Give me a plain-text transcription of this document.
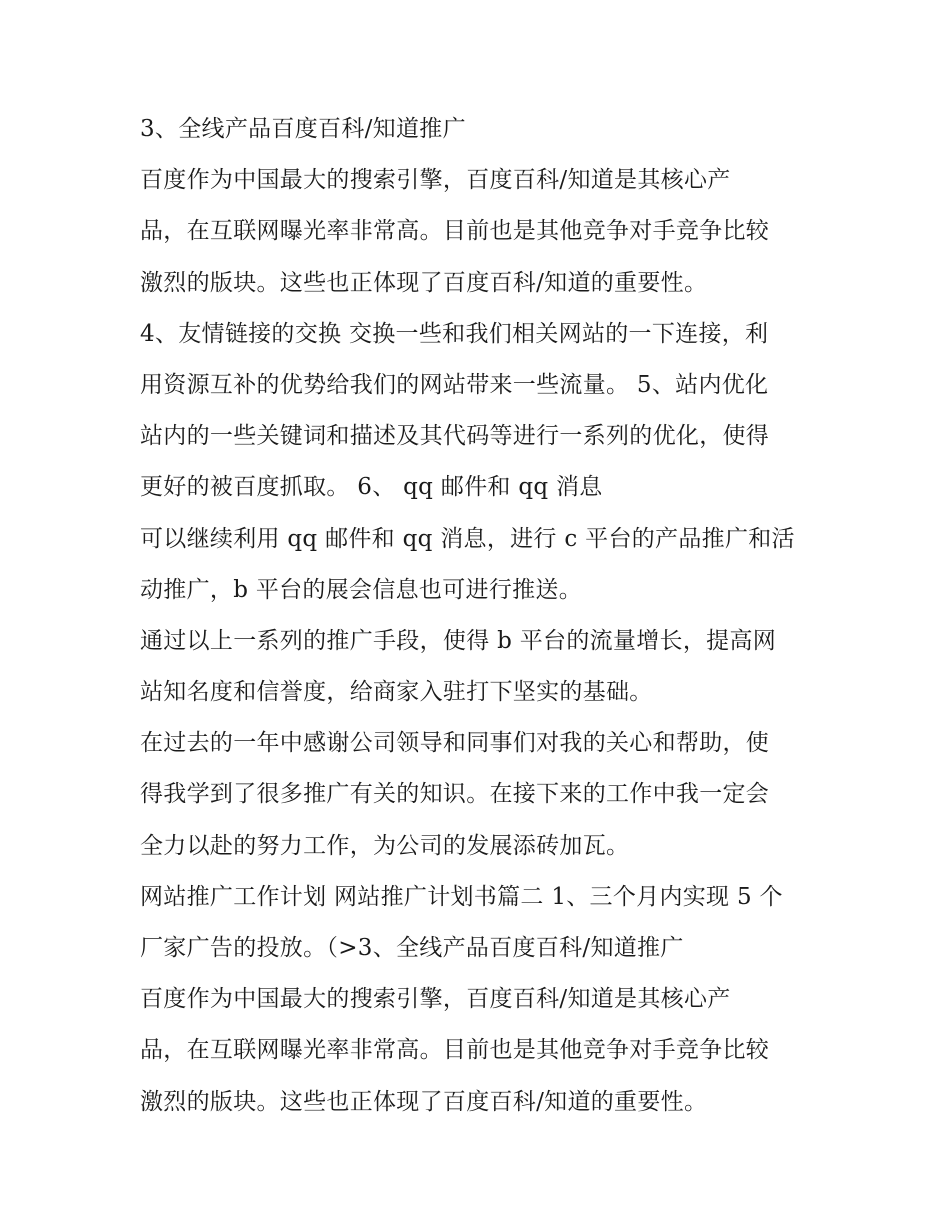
3、全线产品百度百科/知道推广
百度作为中国最大的搜索引擎，百度百科/知道是其核心产
品，在互联网曝光率非常高。目前也是其他竞争对手竞争比较
激烈的版块。这些也正体现了百度百科/知道的重要性。
4、友情链接的交换 交换一些和我们相关网站的一下连接，利
用资源互补的优势给我们的网站带来一些流量。 5、站内优化
站内的一些关键词和描述及其代码等进行一系列的优化，使得
更好的被百度抓取。 6、 qq 邮件和 qq 消息
可以继续利用 qq 邮件和 qq 消息，进行 c 平台的产品推广和活
动推广，b 平台的展会信息也可进行推送。
通过以上一系列的推广手段，使得 b 平台的流量增长，提高网
站知名度和信誉度，给商家入驻打下坚实的基础。
在过去的一年中感谢公司领导和同事们对我的关心和帮助，使
得我学到了很多推广有关的知识。在接下来的工作中我一定会
全力以赴的努力工作，为公司的发展添砖加瓦。
网站推广工作计划 网站推广计划书篇二 1、三个月内实现 5 个
厂家广告的投放。（>3、全线产品百度百科/知道推广
百度作为中国最大的搜索引擎，百度百科/知道是其核心产
品，在互联网曝光率非常高。目前也是其他竞争对手竞争比较
激烈的版块。这些也正体现了百度百科/知道的重要性。
